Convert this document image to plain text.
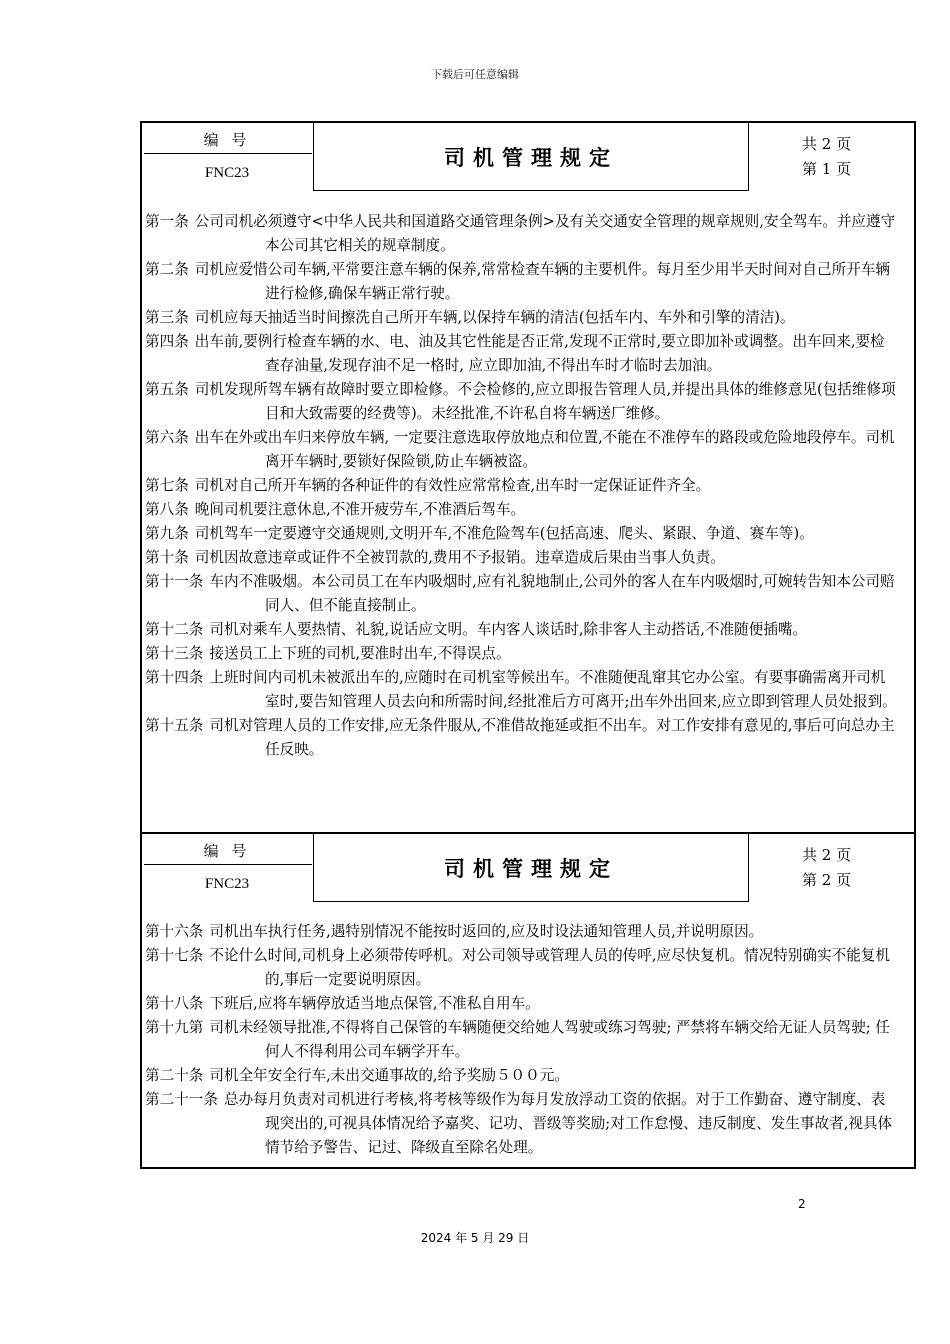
下载后可任意编辑
编 号
FNC23
司机管理规定
共 2 页
第 1 页
第一条 公司司机必须遵守<中华人民共和国道路交通管理条例>及有关交通安全管理的规章规则,安全驾车。并应遵守本公司其它相关的规章制度。
第二条 司机应爱惜公司车辆,平常要注意车辆的保养,常常检查车辆的主要机件。每月至少用半天时间对自己所开车辆进行检修,确保车辆正常行驶。
第三条 司机应每天抽适当时间擦洗自己所开车辆,以保持车辆的清洁(包括车内、车外和引擎的清洁)。
第四条 出车前,要例行检查车辆的水、电、油及其它性能是否正常,发现不正常时,要立即加补或调整。出车回来,要检查存油量,发现存油不足一格时, 应立即加油,不得出车时才临时去加油。
第五条 司机发现所驾车辆有故障时要立即检修。不会检修的,应立即报告管理人员,并提出具体的维修意见(包括维修项目和大致需要的经费等)。未经批准,不许私自将车辆送厂维修。
第六条 出车在外或出车归来停放车辆, 一定要注意选取停放地点和位置,不能在不准停车的路段或危险地段停车。司机离开车辆时,要锁好保险锁,防止车辆被盗。
第七条 司机对自己所开车辆的各种证件的有效性应常常检查,出车时一定保证证件齐全。
第八条 晚间司机要注意休息,不准开疲劳车,不准酒后驾车。
第九条 司机驾车一定要遵守交通规则,文明开车,不准危险驾车(包括高速、爬头、紧跟、争道、赛车等)。
第十条 司机因故意违章或证件不全被罚款的,费用不予报销。违章造成后果由当事人负责。
第十一条 车内不准吸烟。本公司员工在车内吸烟时,应有礼貌地制止,公司外的客人在车内吸烟时,可婉转告知本公司赔同人、但不能直接制止。
第十二条 司机对乘车人要热情、礼貌,说话应文明。车内客人谈话时,除非客人主动搭话,不准随便插嘴。
第十三条 接送员工上下班的司机,要准时出车,不得误点。
第十四条 上班时间内司机未被派出车的,应随时在司机室等候出车。不准随便乱窜其它办公室。有要事确需离开司机室时,要告知管理人员去向和所需时间,经批准后方可离开;出车外出回来,应立即到管理人员处报到。
第十五条 司机对管理人员的工作安排,应无条件服从,不准借故拖延或拒不出车。对工作安排有意见的,事后可向总办主任反映。
编 号
FNC23
司机管理规定
共 2 页
第 2 页
第十六条 司机出车执行任务,遇特别情况不能按时返回的,应及时设法通知管理人员,并说明原因。
第十七条 不论什么时间,司机身上必须带传呼机。对公司领导或管理人员的传呼,应尽快复机。情况特别确实不能复机的,事后一定要说明原因。
第十八条 下班后,应将车辆停放适当地点保管,不准私自用车。
第十九第 司机未经领导批准,不得将自己保管的车辆随便交给她人驾驶或练习驾驶; 严禁将车辆交给无证人员驾驶; 任何人不得利用公司车辆学开车。
第二十条 司机全年安全行车,未出交通事故的,给予奖励５００元。
第二十一条 总办每月负责对司机进行考核,将考核等级作为每月发放浮动工资的依据。对于工作勤奋、遵守制度、表现突出的,可视具体情况给予嘉奖、记功、晋级等奖励;对工作怠慢、违反制度、发生事故者,视具体情节给予警告、记过、降级直至除名处理。
2
2024 年 5 月 29 日
